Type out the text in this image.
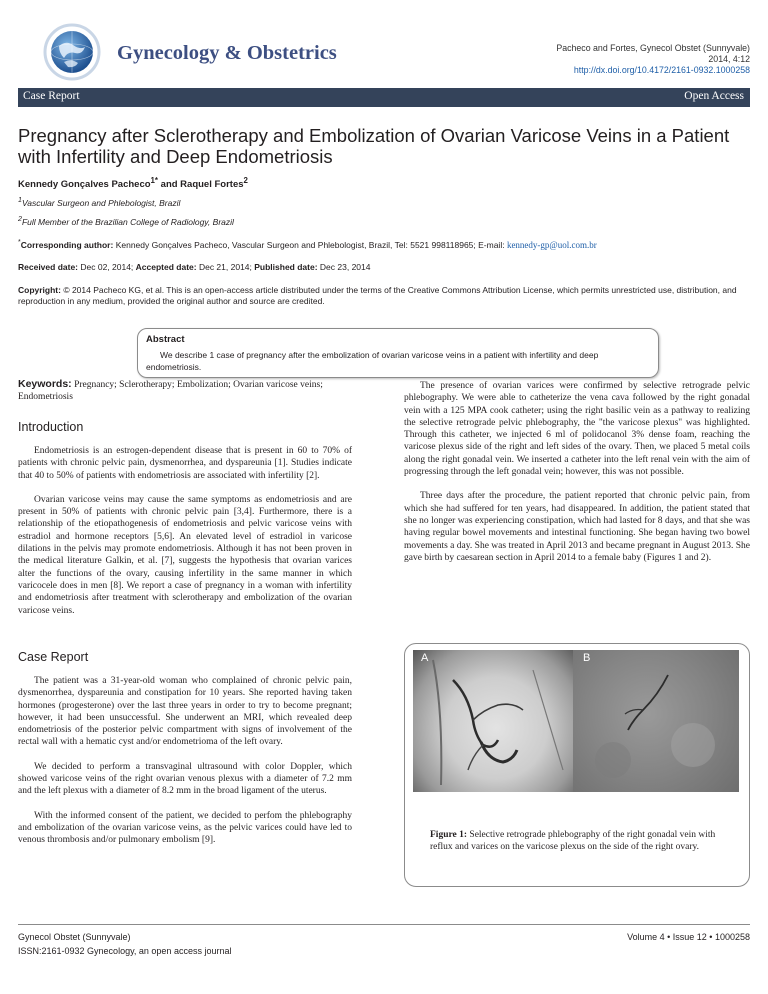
Gynecology & Obstetrics	Pacheco and Fortes, Gynecol Obstet (Sunnyvale)
2014, 4:12
http://dx.doi.org/10.4172/2161-0932.1000258
Case Report	Open Access
Pregnancy after Sclerotherapy and Embolization of Ovarian Varicose Veins in a Patient with Infertility and Deep Endometriosis
Kennedy Gonçalves Pacheco$^{1*}$ and Raquel Fortes$^2$
$^1$Vascular Surgeon and Phlebologist, Brazil
$^2$Full Member of the Brazilian College of Radiology, Brazil
*Corresponding author: Kennedy Gonçalves Pacheco, Vascular Surgeon and Phlebologist, Brazil, Tel: 5521 998118965; E-mail: kennedy-gp@uol.com.br
Received date: Dec 02, 2014; Accepted date: Dec 21, 2014; Published date: Dec 23, 2014
Copyright: © 2014 Pacheco KG, et al. This is an open-access article distributed under the terms of the Creative Commons Attribution License, which permits unrestricted use, distribution, and reproduction in any medium, provided the original author and source are credited.
Abstract
We describe 1 case of pregnancy after the embolization of ovarian varicose veins in a patient with infertility and deep endometriosis.
Keywords: Pregnancy; Sclerotherapy; Embolization; Ovarian varicose veins; Endometriosis
Introduction

Endometriosis is an estrogen-dependent disease that is present in 60 to 70% of patients with chronic pelvic pain, dysmenorrhea, and dyspareunia [1]. Studies indicate that 40 to 50% of patients with endometriosis are associated with infertility [2].

Ovarian varicose veins may cause the same symptoms as endometriosis and are present in 50% of patients with chronic pelvic pain [3,4]. Furthermore, there is a relationship of the etiopathogenesis of endometriosis and pelvic varicose veins with estradiol and hormone receptors [5,6]. An elevated level of estradiol in varicose dilations in the pelvis may promote endometriosis. Although it has not been proven in the medical literature Galkin, et al. [7], suggests the hypothesis that ovarian varices alter the functions of the ovary, causing infertility in the same manner in which varicocele does in men [8]. We report a case of pregnancy in a woman with infertility and endometriosis after treatment with sclerotherapy and embolization of the ovarian varicose veins.

Case Report

The patient was a 31-year-old woman who complained of chronic pelvic pain, dysmenorrhea, dyspareunia and constipation for 10 years. She reported having taken hormones (progesterone) over the last three years in order to try to become pregnant; however, it had been unsuccessful. She underwent an MRI, which revealed deep endometriosis of the posterior pelvic compartment with signs of involvement of the rectal wall with a hematic cyst and/or endometrioma of the left ovary.

We decided to perform a transvaginal ultrasound with color Doppler, which showed varicose veins of the right ovarian venous plexus with a diameter of 7.2 mm and the left plexus with a diameter of 8.2 mm in the broad ligament of the uterus.

With the informed consent of the patient, we decided to perfom the phlebography and embolization of the ovarian varicose veins, as the pelvic varices could have led to venous thrombosis and/or pulmonary embolism [9].

The presence of ovarian varices were confirmed by selective retrograde pelvic phlebography. We were able to catheterize the vena cava followed by the right gonadal vein with a 125 MPA cook catheter; using the right basilic vein as a pathway to realizing the selective retrograde pelvic phlebography, the "the varicose plexus" was highlighted. Through this catheter, we injected 6 ml of polidocanol 3% dense foam, reaching the varicose plexus side of the right and left sides of the ovary. Then, we placed 5 metal coils along the right gonadal vein. We inserted a catheter into the left renal vein with the aim of progressing through the left gonadal vein; however, this was not possible.

Three days after the procedure, the patient reported that chronic pelvic pain, from which she had suffered for ten years, had disappeared. In addition, the patient stated that she no longer was experiencing constipation, which had lasted for 8 days, and that she was having regular bowel movements and intestinal functioning. She began having two bowel movements a day. She was treated in April 2013 and became pregnant in August 2013. She gave birth by caesarean section in April 2014 to a female baby (Figures 1 and 2).

A	B
Figure 1: Selective retrograde phlebography of the right gonadal vein with reflux and varices on the varicose plexus on the side of the right ovary.
Gynecol Obstet (Sunnyvale)
ISSN:2161-0932 Gynecology, an open access journal
Volume 4 • Issue 12 • 1000258
